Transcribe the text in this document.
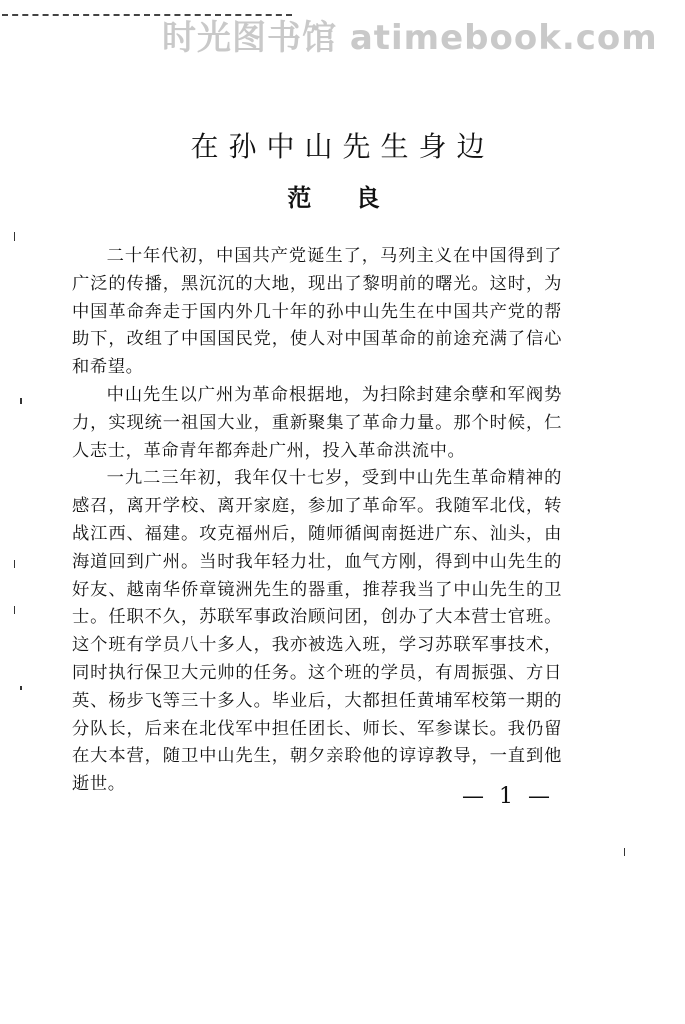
时光图书馆 atimebook.com
在孙中山先生身边
范 良

二十年代初，中国共产党诞生了，马列主义在中国得到了广泛的传播，黑沉沉的大地，现出了黎明前的曙光。这时，为中国革命奔走于国内外几十年的孙中山先生在中国共产党的帮助下，改组了中国国民党，使人对中国革命的前途充满了信心和希望。

中山先生以广州为革命根据地，为扫除封建余孽和军阀势力，实现统一祖国大业，重新聚集了革命力量。那个时候，仁人志士，革命青年都奔赴广州，投入革命洪流中。

一九二三年初，我年仅十七岁，受到中山先生革命精神的感召，离开学校、离开家庭，参加了革命军。我随军北伐，转战江西、福建。攻克福州后，随师循闽南挺进广东、汕头，由海道回到广州。当时我年轻力壮，血气方刚，得到中山先生的好友、越南华侨章镜洲先生的器重，推荐我当了中山先生的卫士。任职不久，苏联军事政治顾问团，创办了大本营士官班。这个班有学员八十多人，我亦被选入班，学习苏联军事技术，同时执行保卫大元帅的任务。这个班的学员，有周振强、方日英、杨步飞等三十多人。毕业后，大都担任黄埔军校第一期的分队长，后来在北伐军中担任团长、师长、军参谋长。我仍留在大本营，随卫中山先生，朝夕亲聆他的谆谆教导，一直到他逝世。	— 1 —
